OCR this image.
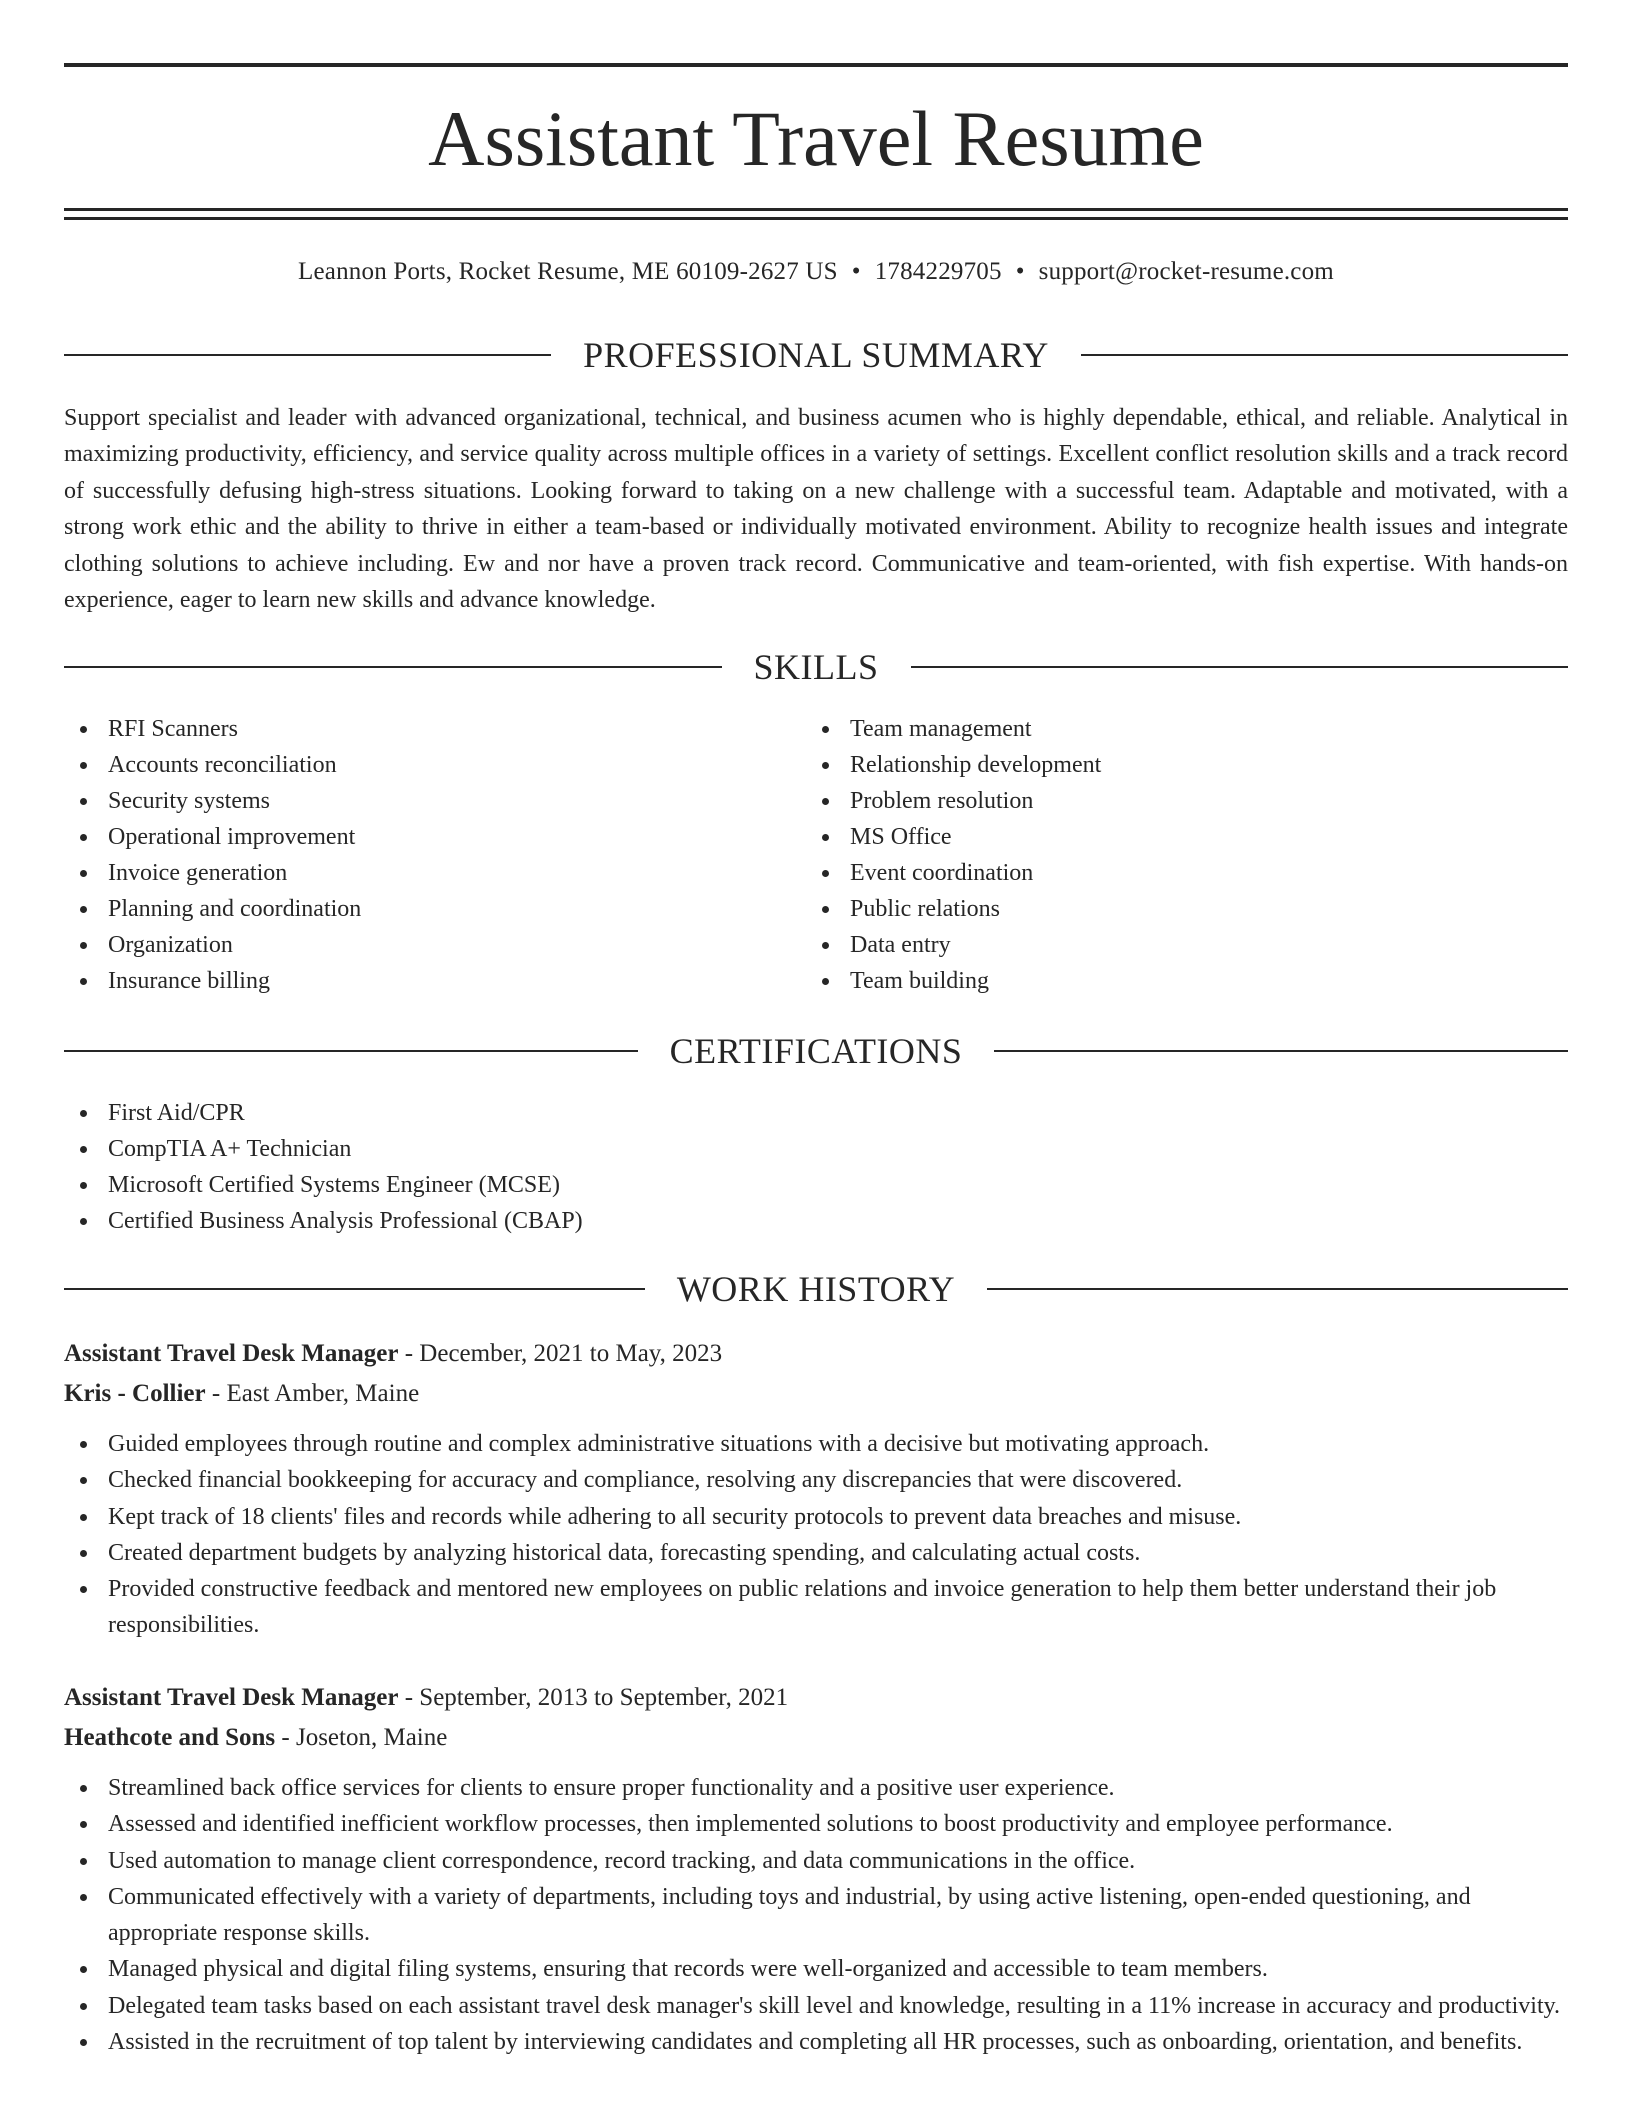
Assistant Travel Resume
Leannon Ports, Rocket Resume, ME 60109-2627 US • 1784229705 • support@rocket-resume.com
PROFESSIONAL SUMMARY

Support specialist and leader with advanced organizational, technical, and business acumen who is highly dependable, ethical, and reliable. Analytical in maximizing productivity, efficiency, and service quality across multiple offices in a variety of settings. Excellent conflict resolution skills and a track record of successfully defusing high-stress situations. Looking forward to taking on a new challenge with a successful team. Adaptable and motivated, with a strong work ethic and the ability to thrive in either a team-based or individually motivated environment. Ability to recognize health issues and integrate clothing solutions to achieve including. Ew and nor have a proven track record. Communicative and team-oriented, with fish expertise. With hands-on experience, eager to learn new skills and advance knowledge.

SKILLS
RFI Scanners
Accounts reconciliation
Security systems
Operational improvement
Invoice generation
Planning and coordination
Organization
Insurance billing
Team management
Relationship development
Problem resolution
MS Office
Event coordination
Public relations
Data entry
Team building
CERTIFICATIONS
First Aid/CPR
CompTIA A+ Technician
Microsoft Certified Systems Engineer (MCSE)
Certified Business Analysis Professional (CBAP)
WORK HISTORY
Assistant Travel Desk Manager - December, 2021 to May, 2023
Kris - Collier - East Amber, Maine
Guided employees through routine and complex administrative situations with a decisive but motivating approach.
Checked financial bookkeeping for accuracy and compliance, resolving any discrepancies that were discovered.
Kept track of 18 clients' files and records while adhering to all security protocols to prevent data breaches and misuse.
Created department budgets by analyzing historical data, forecasting spending, and calculating actual costs.
Provided constructive feedback and mentored new employees on public relations and invoice generation to help them better understand their job responsibilities.
Assistant Travel Desk Manager - September, 2013 to September, 2021
Heathcote and Sons - Joseton, Maine
Streamlined back office services for clients to ensure proper functionality and a positive user experience.
Assessed and identified inefficient workflow processes, then implemented solutions to boost productivity and employee performance.
Used automation to manage client correspondence, record tracking, and data communications in the office.
Communicated effectively with a variety of departments, including toys and industrial, by using active listening, open-ended questioning, and appropriate response skills.
Managed physical and digital filing systems, ensuring that records were well-organized and accessible to team members.
Delegated team tasks based on each assistant travel desk manager's skill level and knowledge, resulting in a 11% increase in accuracy and productivity.
Assisted in the recruitment of top talent by interviewing candidates and completing all HR processes, such as onboarding, orientation, and benefits.
